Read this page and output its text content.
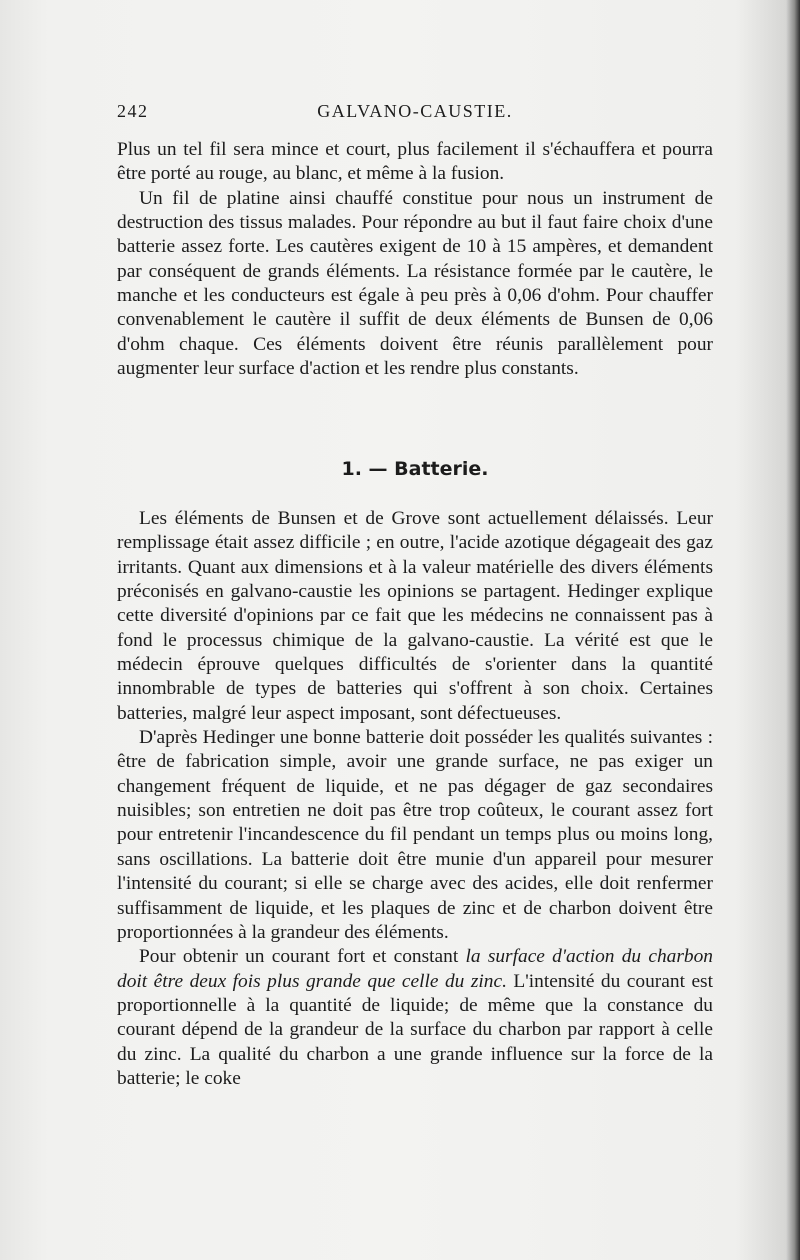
242	GALVANO-CAUSTIE.

Plus un tel fil sera mince et court, plus facilement il s'échauffera et pourra être porté au rouge, au blanc, et même à la fusion.

Un fil de platine ainsi chauffé constitue pour nous un instrument de destruction des tissus malades. Pour répondre au but il faut faire choix d'une batterie assez forte. Les cautères exigent de 10 à 15 ampères, et demandent par conséquent de grands éléments. La résistance formée par le cautère, le manche et les conducteurs est égale à peu près à 0,06 d'ohm. Pour chauffer convenablement le cautère il suffit de deux éléments de Bunsen de 0,06 d'ohm chaque. Ces éléments doivent être réunis parallèlement pour augmenter leur surface d'action et les rendre plus constants.

1. — Batterie.

Les éléments de Bunsen et de Grove sont actuellement délaissés. Leur remplissage était assez difficile ; en outre, l'acide azotique dégageait des gaz irritants. Quant aux dimensions et à la valeur matérielle des divers éléments préconisés en galvano-caustie les opinions se partagent. Hedinger explique cette diversité d'opinions par ce fait que les médecins ne connaissent pas à fond le processus chimique de la galvano-caustie. La vérité est que le médecin éprouve quelques difficultés de s'orienter dans la quantité innombrable de types de batteries qui s'offrent à son choix. Certaines batteries, malgré leur aspect imposant, sont défectueuses.

D'après Hedinger une bonne batterie doit posséder les qualités suivantes : être de fabrication simple, avoir une grande surface, ne pas exiger un changement fréquent de liquide, et ne pas dégager de gaz secondaires nuisibles; son entretien ne doit pas être trop coûteux, le courant assez fort pour entretenir l'incandescence du fil pendant un temps plus ou moins long, sans oscillations. La batterie doit être munie d'un appareil pour mesurer l'intensité du courant; si elle se charge avec des acides, elle doit renfermer suffisamment de liquide, et les plaques de zinc et de charbon doivent être proportionnées à la grandeur des éléments.

Pour obtenir un courant fort et constant la surface d'action du charbon doit être deux fois plus grande que celle du zinc. L'intensité du courant est proportionnelle à la quantité de liquide; de même que la constance du courant dépend de la grandeur de la surface du charbon par rapport à celle du zinc. La qualité du charbon a une grande influence sur la force de la batterie; le coke
